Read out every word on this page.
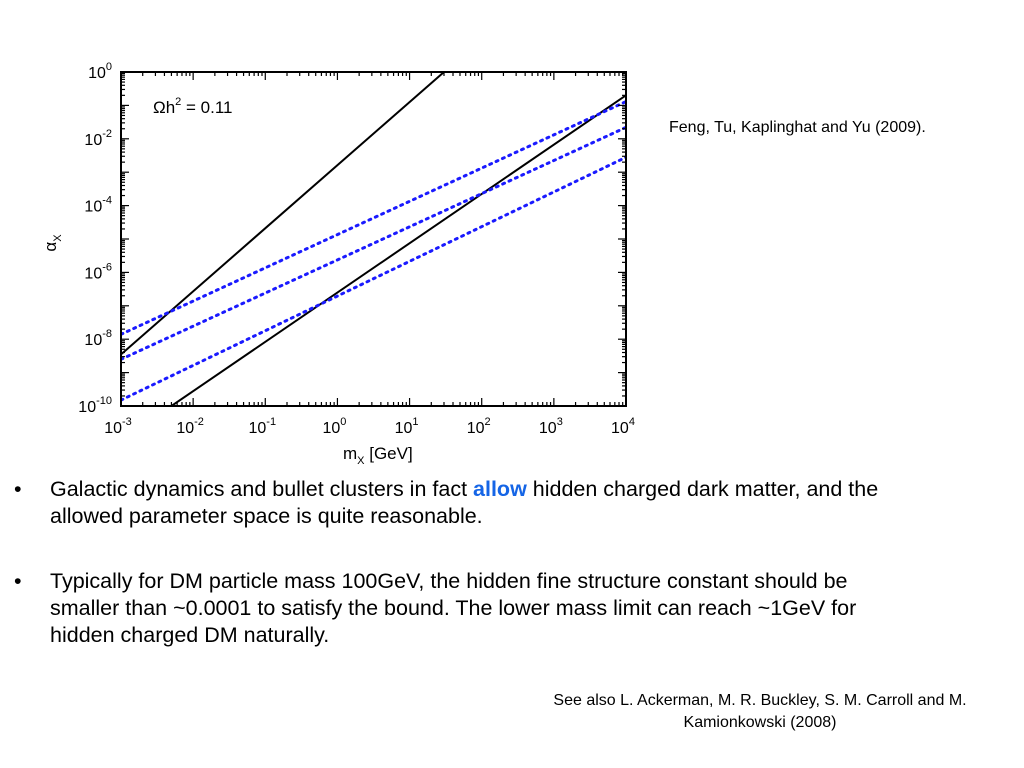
$10^{-3}$	$10^{-2}$	$10^{-1}$	$10^0$	$10^1$	$10^2$	$10^3$	$10^4$
$10^{-10}$
$10^{-8}$
$10^{-6}$
$10^{-4}$
$10^{-2}$
$10^0$
$\Omega h^2 = 0.11$
$m_X$ [GeV]
$\alpha_X$
Feng, Tu, Kaplinghat and Yu (2009).
• Galactic dynamics and bullet clusters in fact allow hidden charged dark matter, and the allowed parameter space is quite reasonable.
• Typically for DM particle mass 100GeV, the hidden fine structure constant should be smaller than ~0.0001 to satisfy the bound. The lower mass limit can reach ~1GeV for hidden charged DM naturally.
See also L. Ackerman, M. R. Buckley, S. M. Carroll and M. Kamionkowski (2008)
